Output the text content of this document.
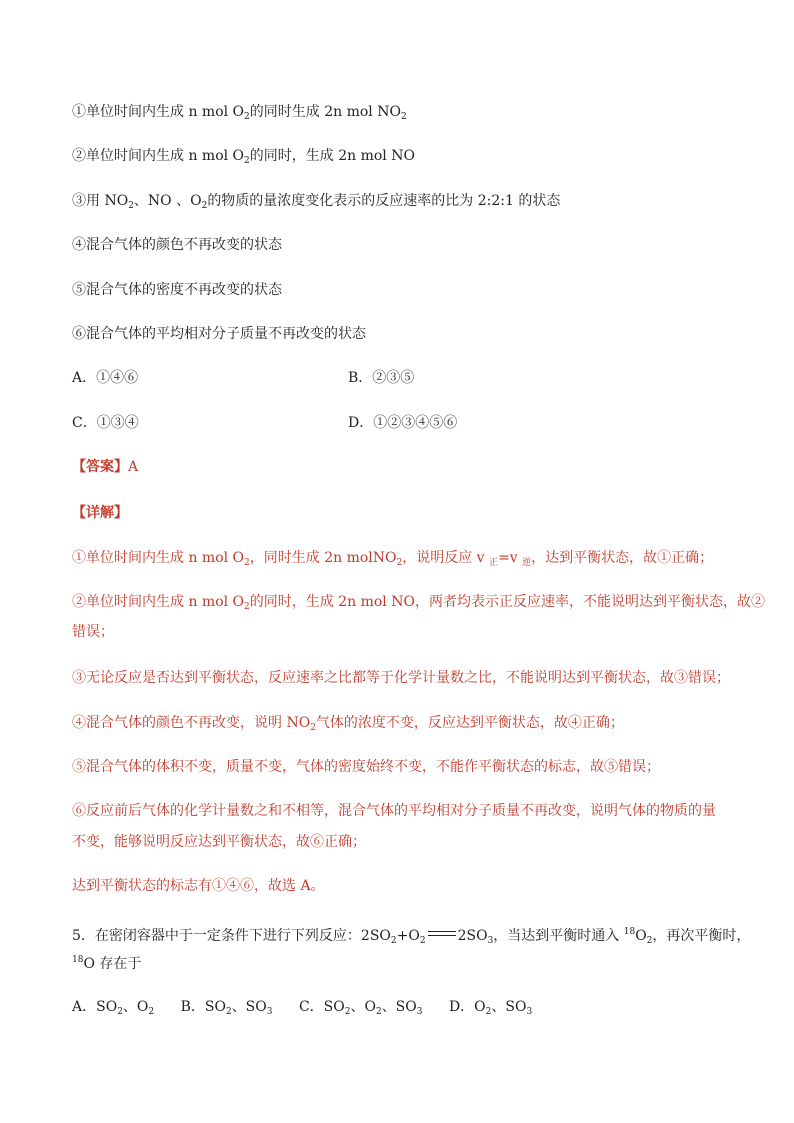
①单位时间内生成 n mol $O_2$的同时生成 2n mol $NO_2$
②单位时间内生成 n mol $O_2$的同时，生成 2n mol NO
③用 $NO_2$、NO 、$O_2$的物质的量浓度变化表示的反应速率的比为 2:2:1 的状态
④混合气体的颜色不再改变的状态
⑤混合气体的密度不再改变的状态
⑥混合气体的平均相对分子质量不再改变的状态
A．①④⑥	B．②③⑤
C．①③④	D．①②③④⑤⑥
【答案】A
【详解】
①单位时间内生成 n mol $O_2$，同时生成 2n molNO$_2$，说明反应 v $_正$=v $_逆$，达到平衡状态，故①正确；
②单位时间内生成 n mol $O_2$的同时，生成 2n mol NO，两者均表示正反应速率，不能说明达到平衡状态，故②
错误；
③无论反应是否达到平衡状态，反应速率之比都等于化学计量数之比，不能说明达到平衡状态，故③错误；
④混合气体的颜色不再改变，说明 $NO_2$气体的浓度不变，反应达到平衡状态，故④正确；
⑤混合气体的体积不变，质量不变，气体的密度始终不变，不能作平衡状态的标志，故⑤错误；
⑥反应前后气体的化学计量数之和不相等，混合气体的平均相对分子质量不再改变，说明气体的物质的量
不变，能够说明反应达到平衡状态，故⑥正确；
达到平衡状态的标志有①④⑥，故选 A。
5．在密闭容器中于一定条件下进行下列反应：$2SO_2+O_2$ $2SO_3$，当达到平衡时通入 $^{18}O_2$，再次平衡时，
$^{18}$O 存在于
A．$SO_2$、$O_2$ B．$SO_2$、$SO_3$ C．$SO_2$、$O_2$、$SO_3$ D．$O_2$、$SO_3$
